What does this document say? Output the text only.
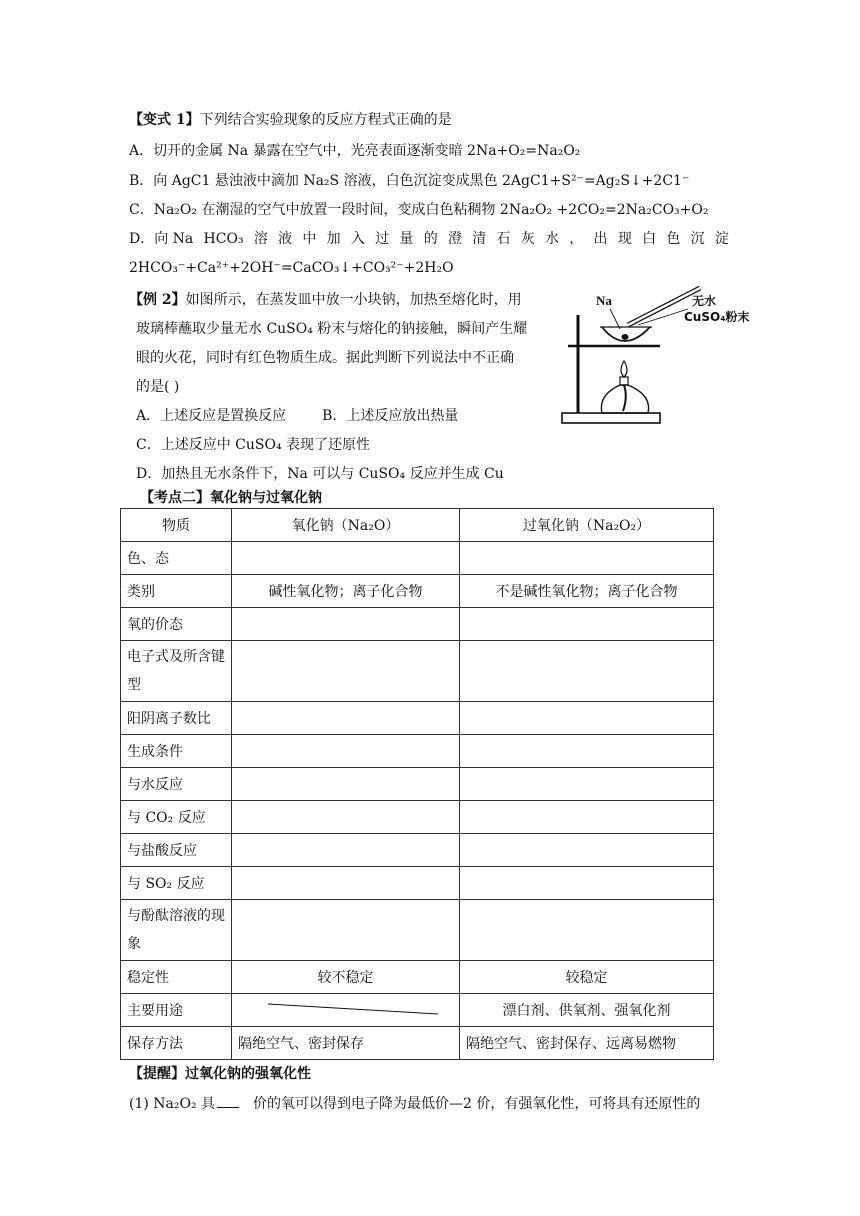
【变式 1】下列结合实验现象的反应方程式正确的是
A．切开的金属 Na 暴露在空气中，光亮表面逐渐变暗 2Na+O₂=Na₂O₂
B．向 AgC1 悬浊液中滴加 Na₂S 溶液，白色沉淀变成黑色 2AgC1+S²⁻=Ag₂S↓+2C1⁻
C．Na₂O₂ 在潮湿的空气中放置一段时间，变成白色粘稠物 2Na₂O₂ +2CO₂=2Na₂CO₃+O₂
D．向 Na HCO₃ 溶 液 中 加 入 过 量 的 澄 清 石 灰 水 ， 出 现 白 色 沉 淀
2HCO₃⁻+Ca²⁺+2OH⁻=CaCO₃↓+CO₃²⁻+2H₂O
【例 2】如图所示，在蒸发皿中放一小块钠，加热至熔化时，用
玻璃棒蘸取少量无水 CuSO₄ 粉末与熔化的钠接触，瞬间产生耀
眼的火花，同时有红色物质生成。据此判断下列说法中不正确
的是( )
A．上述反应是置换反应	B．上述反应放出热量
C．上述反应中 CuSO₄ 表现了还原性
D．加热且无水条件下，Na 可以与 CuSO₄ 反应并生成 Cu
Na	无水
CuSO₄粉末
【考点二】氧化钠与过氧化钠
物质	氧化钠（Na₂O）	过氧化钠（Na₂O₂）
色、态		
类别	碱性氧化物；离子化合物	不是碱性氧化物；离子化合物
氧的价态		
电子式及所含键型		
阳阴离子数比		
生成条件		
与水反应		
与 CO₂ 反应		
与盐酸反应		
与 SO₂ 反应		
与酚酞溶液的现象		
稳定性	较不稳定	较稳定
主要用途		漂白剂、供氧剂、强氧化剂
保存方法	隔绝空气、密封保存	隔绝空气、密封保存、远离易燃物
【提醒】过氧化钠的强氧化性
(1) Na₂O₂ 具	价的氧可以得到电子降为最低价—2 价，有强氧化性，可将具有还原性的
